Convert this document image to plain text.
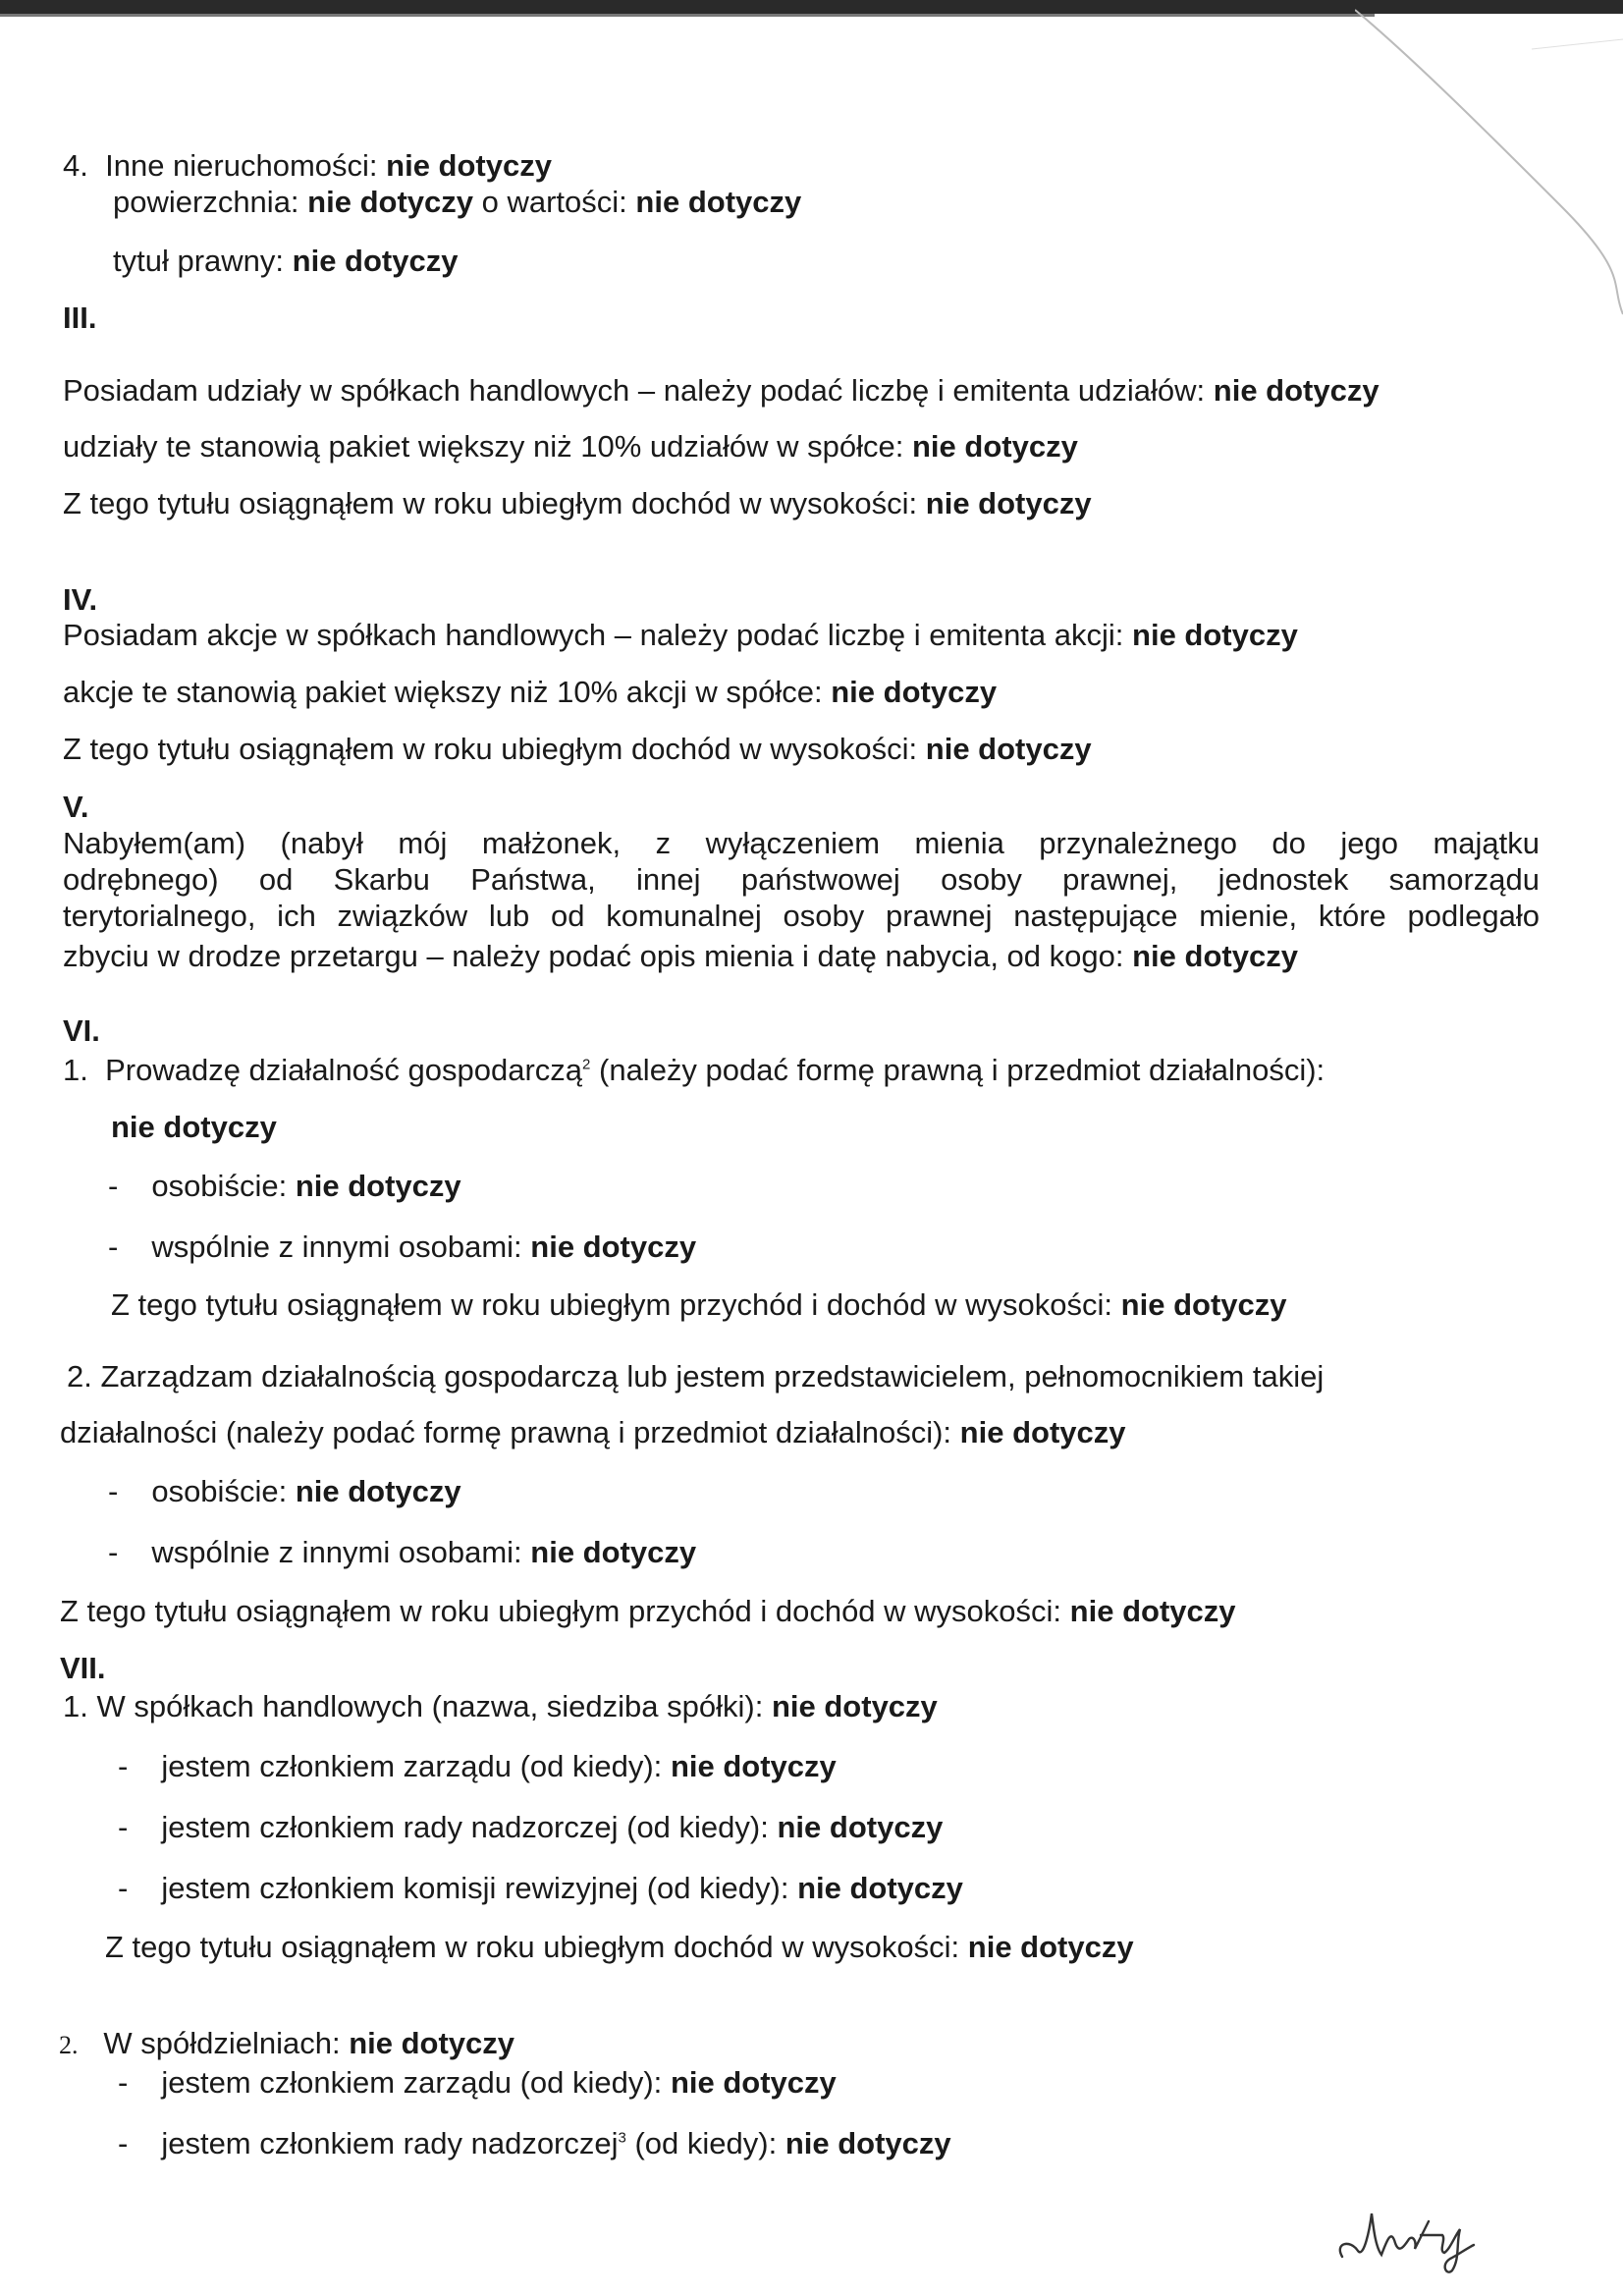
4. Inne nieruchomości: nie dotyczy
powierzchnia: nie dotyczy o wartości: nie dotyczy
tytuł prawny: nie dotyczy
III.
Posiadam udziały w spółkach handlowych – należy podać liczbę i emitenta udziałów: nie dotyczy
udziały te stanowią pakiet większy niż 10% udziałów w spółce: nie dotyczy
Z tego tytułu osiągnąłem w roku ubiegłym dochód w wysokości: nie dotyczy
IV.
Posiadam akcje w spółkach handlowych – należy podać liczbę i emitenta akcji: nie dotyczy
akcje te stanowią pakiet większy niż 10% akcji w spółce: nie dotyczy
Z tego tytułu osiągnąłem w roku ubiegłym dochód w wysokości: nie dotyczy
V.
Nabyłem(am) (nabył mój małżonek, z wyłączeniem mienia przynależnego do jego majątku
odrębnego) od Skarbu Państwa, innej państwowej osoby prawnej, jednostek samorządu
terytorialnego, ich związków lub od komunalnej osoby prawnej następujące mienie, które podlegało
zbyciu w drodze przetargu – należy podać opis mienia i datę nabycia, od kogo: nie dotyczy
VI.
1. Prowadzę działalność gospodarczą$^2$ (należy podać formę prawną i przedmiot działalności):
nie dotyczy
- osobiście: nie dotyczy
- wspólnie z innymi osobami: nie dotyczy
Z tego tytułu osiągnąłem w roku ubiegłym przychód i dochód w wysokości: nie dotyczy
2. Zarządzam działalnością gospodarczą lub jestem przedstawicielem, pełnomocnikiem takiej
działalności (należy podać formę prawną i przedmiot działalności): nie dotyczy
- osobiście: nie dotyczy
- wspólnie z innymi osobami: nie dotyczy
Z tego tytułu osiągnąłem w roku ubiegłym przychód i dochód w wysokości: nie dotyczy
VII.
1. W spółkach handlowych (nazwa, siedziba spółki): nie dotyczy
- jestem członkiem zarządu (od kiedy): nie dotyczy
- jestem członkiem rady nadzorczej (od kiedy): nie dotyczy
- jestem członkiem komisji rewizyjnej (od kiedy): nie dotyczy
Z tego tytułu osiągnąłem w roku ubiegłym dochód w wysokości: nie dotyczy
2. W spółdzielniach: nie dotyczy
- jestem członkiem zarządu (od kiedy): nie dotyczy
- jestem członkiem rady nadzorczej$^3$ (od kiedy): nie dotyczy
